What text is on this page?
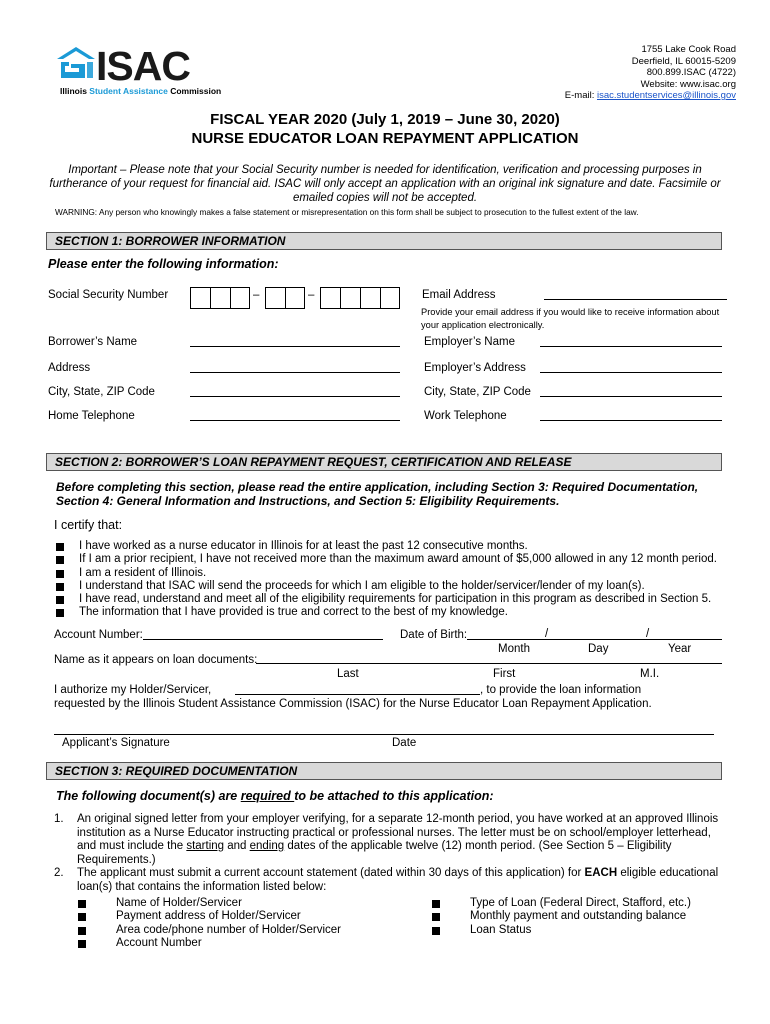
ISAC
Illinois Student Assistance Commission
1755 Lake Cook Road
Deerfield, IL 60015-5209
800.899.ISAC (4722)
Website: www.isac.org
E-mail: isac.studentservices@illinois.gov
FISCAL YEAR 2020 (July 1, 2019 – June 30, 2020)
NURSE EDUCATOR LOAN REPAYMENT APPLICATION
Important – Please note that your Social Security number is needed for identification, verification and processing purposes in furtherance of your request for financial aid. ISAC will only accept an application with an original ink signature and date. Facsimile or emailed copies will not be accepted.
WARNING: Any person who knowingly makes a false statement or misrepresentation on this form shall be subject to prosecution to the fullest extent of the law.
SECTION 1: BORROWER INFORMATION
Please enter the following information:
Social Security Number	–	–	Email Address
Provide your email address if you would like to receive information about
your application electronically.
Borrower’s Name	Employer’s Name
Address	Employer’s Address
City, State, ZIP Code	City, State, ZIP Code
Home Telephone	Work Telephone
SECTION 2: BORROWER’S LOAN REPAYMENT REQUEST, CERTIFICATION AND RELEASE
Before completing this section, please read the entire application, including Section 3: Required Documentation,
Section 4: General Information and Instructions, and Section 5: Eligibility Requirements.
I certify that:
I have worked as a nurse educator in Illinois for at least the past 12 consecutive months.
If I am a prior recipient, I have not received more than the maximum award amount of $5,000 allowed in any 12 month period.
I am a resident of Illinois.
I understand that ISAC will send the proceeds for which I am eligible to the holder/servicer/lender of my loan(s).
I have read, understand and meet all of the eligibility requirements for participation in this program as described in Section 5.
The information that I have provided is true and correct to the best of my knowledge.
Account Number:	Date of Birth:	/	/
Month	Day	Year
Name as it appears on loan documents:
Last	First	M.I.
I authorize my Holder/Servicer,	, to provide the loan information
requested by the Illinois Student Assistance Commission (ISAC) for the Nurse Educator Loan Repayment Application.
Applicant’s Signature	Date
SECTION 3: REQUIRED DOCUMENTATION
The following document(s) are required to be attached to this application:
1.	An original signed letter from your employer verifying, for a separate 12-month period, you have worked at an approved Illinois
institution as a Nurse Educator instructing practical or professional nurses. The letter must be on school/employer letterhead,
and must include the starting and ending dates of the applicable twelve (12) month period. (See Section 5 – Eligibility
Requirements.)
2.	The applicant must submit a current account statement (dated within 30 days of this application) for EACH eligible educational
loan(s) that contains the information listed below:
Name of Holder/Servicer
Payment address of Holder/Servicer
Area code/phone number of Holder/Servicer
Account Number
Type of Loan (Federal Direct, Stafford, etc.)
Monthly payment and outstanding balance
Loan Status
